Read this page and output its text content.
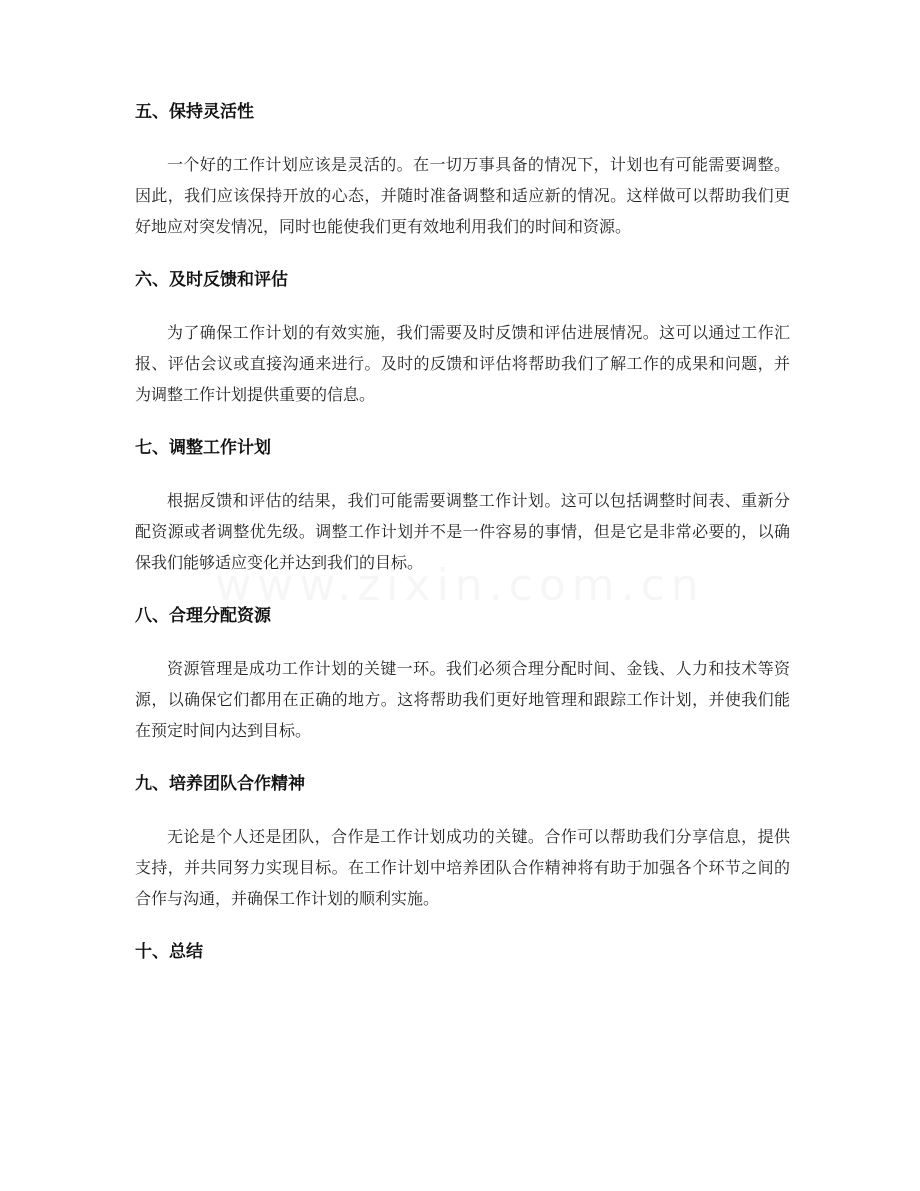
五、保持灵活性

一个好的工作计划应该是灵活的。在一切万事具备的情况下，计划也有可能需要调整。因此，我们应该保持开放的心态，并随时准备调整和适应新的情况。这样做可以帮助我们更好地应对突发情况，同时也能使我们更有效地利用我们的时间和资源。

六、及时反馈和评估

为了确保工作计划的有效实施，我们需要及时反馈和评估进展情况。这可以通过工作汇报、评估会议或直接沟通来进行。及时的反馈和评估将帮助我们了解工作的成果和问题，并为调整工作计划提供重要的信息。

七、调整工作计划

根据反馈和评估的结果，我们可能需要调整工作计划。这可以包括调整时间表、重新分配资源或者调整优先级。调整工作计划并不是一件容易的事情，但是它是非常必要的，以确保我们能够适应变化并达到我们的目标。

八、合理分配资源

资源管理是成功工作计划的关键一环。我们必须合理分配时间、金钱、人力和技术等资源，以确保它们都用在正确的地方。这将帮助我们更好地管理和跟踪工作计划，并使我们能在预定时间内达到目标。

九、培养团队合作精神

无论是个人还是团队，合作是工作计划成功的关键。合作可以帮助我们分享信息，提供支持，并共同努力实现目标。在工作计划中培养团队合作精神将有助于加强各个环节之间的合作与沟通，并确保工作计划的顺利实施。

十、总结
